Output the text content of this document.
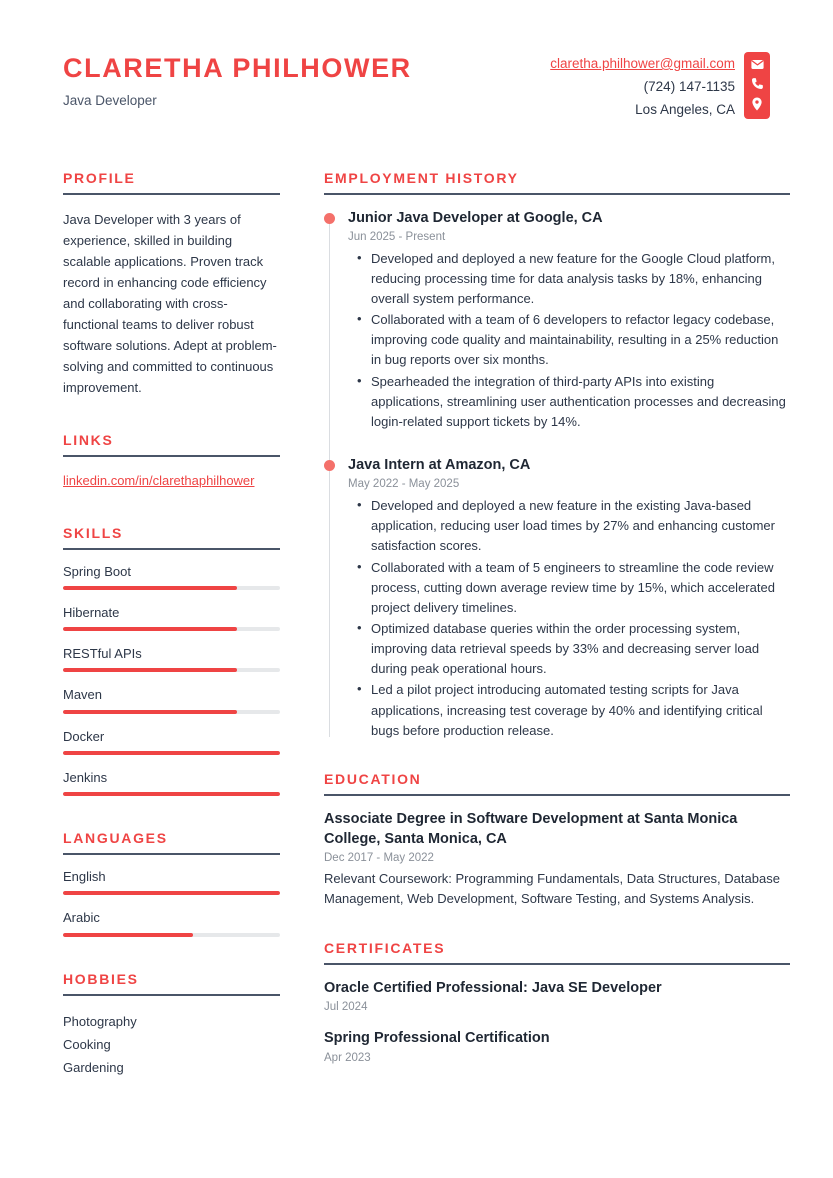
CLARETHA PHILHOWER
Java Developer
claretha.philhower@gmail.com
(724) 147-1135
Los Angeles, CA
PROFILE
Java Developer with 3 years of experience, skilled in building scalable applications. Proven track record in enhancing code efficiency and collaborating with cross-functional teams to deliver robust software solutions. Adept at problem-solving and committed to continuous improvement.
LINKS
linkedin.com/in/clarethaphilhower
SKILLS
Spring Boot
Hibernate
RESTful APIs
Maven
Docker
Jenkins
LANGUAGES
English
Arabic
HOBBIES
Photography
Cooking
Gardening
EMPLOYMENT HISTORY
Junior Java Developer at Google, CA
Jun 2025 - Present
• Developed and deployed a new feature for the Google Cloud platform, reducing processing time for data analysis tasks by 18%, enhancing overall system performance.
• Collaborated with a team of 6 developers to refactor legacy codebase, improving code quality and maintainability, resulting in a 25% reduction in bug reports over six months.
• Spearheaded the integration of third-party APIs into existing applications, streamlining user authentication processes and decreasing login-related support tickets by 14%.
Java Intern at Amazon, CA
May 2022 - May 2025
• Developed and deployed a new feature in the existing Java-based application, reducing user load times by 27% and enhancing customer satisfaction scores.
• Collaborated with a team of 5 engineers to streamline the code review process, cutting down average review time by 15%, which accelerated project delivery timelines.
• Optimized database queries within the order processing system, improving data retrieval speeds by 33% and decreasing server load during peak operational hours.
• Led a pilot project introducing automated testing scripts for Java applications, increasing test coverage by 40% and identifying critical bugs before production release.
EDUCATION
Associate Degree in Software Development at Santa Monica College, Santa Monica, CA
Dec 2017 - May 2022
Relevant Coursework: Programming Fundamentals, Data Structures, Database Management, Web Development, Software Testing, and Systems Analysis.
CERTIFICATES
Oracle Certified Professional: Java SE Developer
Jul 2024
Spring Professional Certification
Apr 2023
